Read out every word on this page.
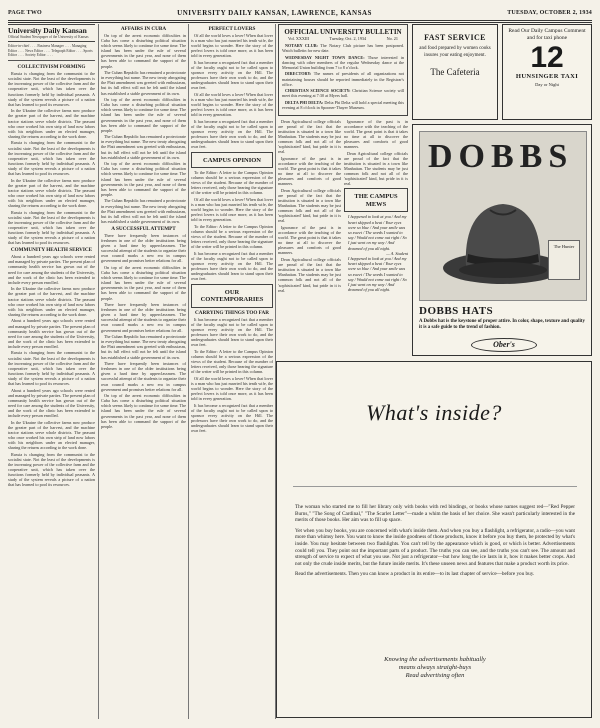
PAGE TWO	UNIVERSITY DAILY KANSAN, LAWRENCE, KANSAS	TUESDAY, OCTOBER 2, 1934
University Daily Kansan
Official Student Newspaper of the University of Kansas
Editor-in-chief . . . . Business Manager . . . . Managing Editor . . . . News Editor . . . . Telegraph Editor . . . . Sports Editor . . . . Society Editor . . . .
COLLECTIVISM FORMING

Russia is changing from the communist to the socialist state. Not the least of the developments is the increasing power of the collective farm and the cooperative unit, which has taken over the functions formerly held by individual peasants. A study of the system reveals a picture of a nation that has learned to pool its resources.

In the Ukraine the collective farms now produce the greater part of the harvest, and the machine tractor stations serve whole districts. The peasant who once worked his own strip of land now labors with his neighbors under an elected manager, sharing the returns according to the work done.

Russia is changing from the communist to the socialist state. Not the least of the developments is the increasing power of the collective farm and the cooperative unit, which has taken over the functions formerly held by individual peasants. A study of the system reveals a picture of a nation that has learned to pool its resources.

In the Ukraine the collective farms now produce the greater part of the harvest, and the machine tractor stations serve whole districts. The peasant who once worked his own strip of land now labors with his neighbors under an elected manager, sharing the returns according to the work done.

Russia is changing from the communist to the socialist state. Not the least of the developments is the increasing power of the collective farm and the cooperative unit, which has taken over the functions formerly held by individual peasants. A study of the system reveals a picture of a nation that has learned to pool its resources.

COMMUNITY HEALTH SERVICE

About a hundred years ago schools were rented and managed by private parties. The present plan of community health service has grown out of the need for care among the students of the University, and the work of the clinic has been extended to include every person enrolled.

In the Ukraine the collective farms now produce the greater part of the harvest, and the machine tractor stations serve whole districts. The peasant who once worked his own strip of land now labors with his neighbors under an elected manager, sharing the returns according to the work done.

About a hundred years ago schools were rented and managed by private parties. The present plan of community health service has grown out of the need for care among the students of the University, and the work of the clinic has been extended to include every person enrolled.

Russia is changing from the communist to the socialist state. Not the least of the developments is the increasing power of the collective farm and the cooperative unit, which has taken over the functions formerly held by individual peasants. A study of the system reveals a picture of a nation that has learned to pool its resources.

About a hundred years ago schools were rented and managed by private parties. The present plan of community health service has grown out of the need for care among the students of the University, and the work of the clinic has been extended to include every person enrolled.

In the Ukraine the collective farms now produce the greater part of the harvest, and the machine tractor stations serve whole districts. The peasant who once worked his own strip of land now labors with his neighbors under an elected manager, sharing the returns according to the work done.

Russia is changing from the communist to the socialist state. Not the least of the developments is the increasing power of the collective farm and the cooperative unit, which has taken over the functions formerly held by individual peasants. A study of the system reveals a picture of a nation that has learned to pool its resources.

AFFAIRS IN CUBA

On top of the arrest economic difficulties in Cuba has come a disturbing political situation which seems likely to continue for some time. The island has been under the rule of several governments in the past year, and none of them has been able to command the support of the people.

The Cuban Republic has remained a protectorate in everything but name. The new treaty abrogating the Platt amendment was greeted with enthusiasm, but its full effect will not be felt until the island has established a stable government of its own.

On top of the arrest economic difficulties in Cuba has come a disturbing political situation which seems likely to continue for some time. The island has been under the rule of several governments in the past year, and none of them has been able to command the support of the people.

The Cuban Republic has remained a protectorate in everything but name. The new treaty abrogating the Platt amendment was greeted with enthusiasm, but its full effect will not be felt until the island has established a stable government of its own.

On top of the arrest economic difficulties in Cuba has come a disturbing political situation which seems likely to continue for some time. The island has been under the rule of several governments in the past year, and none of them has been able to command the support of the people.

The Cuban Republic has remained a protectorate in everything but name. The new treaty abrogating the Platt amendment was greeted with enthusiasm, but its full effect will not be felt until the island has established a stable government of its own.

A SUCCESSFUL ATTEMPT

There have frequently been instances of freshmen in one of the older institutions being given a hard time by upperclassmen. The successful attempt of the students to organize their own council marks a new era in campus government and promises better relations for all.

On top of the arrest economic difficulties in Cuba has come a disturbing political situation which seems likely to continue for some time. The island has been under the rule of several governments in the past year, and none of them has been able to command the support of the people.

There have frequently been instances of freshmen in one of the older institutions being given a hard time by upperclassmen. The successful attempt of the students to organize their own council marks a new era in campus government and promises better relations for all.

The Cuban Republic has remained a protectorate in everything but name. The new treaty abrogating the Platt amendment was greeted with enthusiasm, but its full effect will not be felt until the island has established a stable government of its own.

There have frequently been instances of freshmen in one of the older institutions being given a hard time by upperclassmen. The successful attempt of the students to organize their own council marks a new era in campus government and promises better relations for all.

On top of the arrest economic difficulties in Cuba has come a disturbing political situation which seems likely to continue for some time. The island has been under the rule of several governments in the past year, and none of them has been able to command the support of the people.

PERFECT LOVERS

Of all the world loves a lover! When that lover is a man who has just married his tenth wife, the world begins to wonder. Here the story of the perfect lovers is told once more, as it has been told in every generation.

It has become a recognized fact that a member of the faculty ought not to be called upon to sponsor every activity on the Hill. The professors have their own work to do, and the undergraduates should learn to stand upon their own feet.

Of all the world loves a lover! When that lover is a man who has just married his tenth wife, the world begins to wonder. Here the story of the perfect lovers is told once more, as it has been told in every generation.

It has become a recognized fact that a member of the faculty ought not to be called upon to sponsor every activity on the Hill. The professors have their own work to do, and the undergraduates should learn to stand upon their own feet.

CAMPUS OPINION

To the Editor: A letter to the Campus Opinion column should be a serious expression of the views of the student. Because of the number of letters received, only those bearing the signature of the writer will be printed in this column.

Of all the world loves a lover! When that lover is a man who has just married his tenth wife, the world begins to wonder. Here the story of the perfect lovers is told once more, as it has been told in every generation.

To the Editor: A letter to the Campus Opinion column should be a serious expression of the views of the student. Because of the number of letters received, only those bearing the signature of the writer will be printed in this column.

It has become a recognized fact that a member of the faculty ought not to be called upon to sponsor every activity on the Hill. The professors have their own work to do, and the undergraduates should learn to stand upon their own feet.

OUR CONTEMPORARIES
CARRYING THINGS TOO FAR

It has become a recognized fact that a member of the faculty ought not to be called upon to sponsor every activity on the Hill. The professors have their own work to do, and the undergraduates should learn to stand upon their own feet.

To the Editor: A letter to the Campus Opinion column should be a serious expression of the views of the student. Because of the number of letters received, only those bearing the signature of the writer will be printed in this column.

Of all the world loves a lover! When that lover is a man who has just married his tenth wife, the world begins to wonder. Here the story of the perfect lovers is told once more, as it has been told in every generation.

It has become a recognized fact that a member of the faculty ought not to be called upon to sponsor every activity on the Hill. The professors have their own work to do, and the undergraduates should learn to stand upon their own feet.

OFFICIAL UNIVERSITY BULLETIN
Vol. XXXIII	Tuesday, Oct. 2, 1934	No. 21

NOTARY CLUB: The Notary Club picture has been postponed. Watch bulletin for new date.

WEDNESDAY NIGHT TOWN DANCE: Those interested in dancing with other members of the regular Wednesday dance at the Memorial Union building from 7 to 8 o'clock.

DIRECTORY: The names of presidents of all organizations not maintaining houses should be reported immediately in the Registrar's office.

CHRISTIAN SCIENCE SOCIETY: Christian Science society will meet this evening at 7:30 at Myers hall.

DELTA PHI DELTA: Delta Phi Delta will hold a special meeting this evening at 8 o'clock in Spooner-Thayer Museum.

Dean Agricultural college officials are proud of the fact that the institution is situated in a town like Manhattan. The students may be just common folk and not all of the 'sophisticated' kind, but pride in it is real.

Ignorance of the past is in accordance with the teaching of the world. The great point is that it takes no time at all to discover the pleasures and comforts of good manners.

Dean Agricultural college officials are proud of the fact that the institution is situated in a town like Manhattan. The students may be just common folk and not all of the 'sophisticated' kind, but pride in it is real.

Ignorance of the past is in accordance with the teaching of the world. The great point is that it takes no time at all to discover the pleasures and comforts of good manners.

Dean Agricultural college officials are proud of the fact that the institution is situated in a town like Manhattan. The students may be just common folk and not all of the 'sophisticated' kind, but pride in it is real.

Ignorance of the past is in accordance with the teaching of the world. The great point is that it takes no time at all to discover the pleasures and comforts of good manners.

Dean Agricultural college officials are proud of the fact that the institution is situated in a town like Manhattan. The students may be just common folk and not all of the 'sophisticated' kind, but pride in it is real.

THE CAMPUS MEWS
I happened to look at you / And my heart skipped a beat / Your eyes were so blue / And your smile was so sweet / The words I wanted to say / Would not come out right / So I just went on my way / And dreamed of you all night.
— A. Student
I happened to look at you / And my heart skipped a beat / Your eyes were so blue / And your smile was so sweet / The words I wanted to say / Would not come out right / So I just went on my way / And dreamed of you all night.
FAST SERVICE
and food prepared by women cooks insures your eating enjoyment.
The Cafeteria
Read Our Daily Campus Comment and for taxi phone
12
HUNSINGER TAXI
Day or Night
DOBBS
The Hunter
DOBBS HATS
A Dobbs hat is the keystone of proper attire. In color, shape, texture and quality it is a safe guide to the trend of fashion.
Ober's
What's inside?

The woman who started me to fill her library only with books with red bindings, or books whose names suggest red—"Red Pepper Burns," "The Song of Cardinal," "The Scarlet Letter"—made a whim the basis of her choice. She wasn't particularly interested in the merits of those books. Her aim was to fill up space.

Yet when you buy books, you are concerned with what's inside them. And when you buy a flashlight, a refrigerator, a radio—you want more than whimsy here. You want to know the inside goodness of those products, know it before you buy them, be protected by what's inside. You may hesitate between two flashlights. You can't tell by the appearance which is good, or which is better. Advertisements could tell you. They point out the important parts of a product. The truths you can see, and the truths you can't see. The amount and strength of service to expect of what you use. Not just a refrigerator—but how long the ice lasts in it, how it makes better crops. And not only the crude inside merits, but the future inside merits. It's these unseen news and features that make a product worth its price.

Read the advertisements. Then you can know a product in its entire—to its last chapter of service—before you buy.

Knowing the advertisements habitually
means always straight-buys
Read advertising often
